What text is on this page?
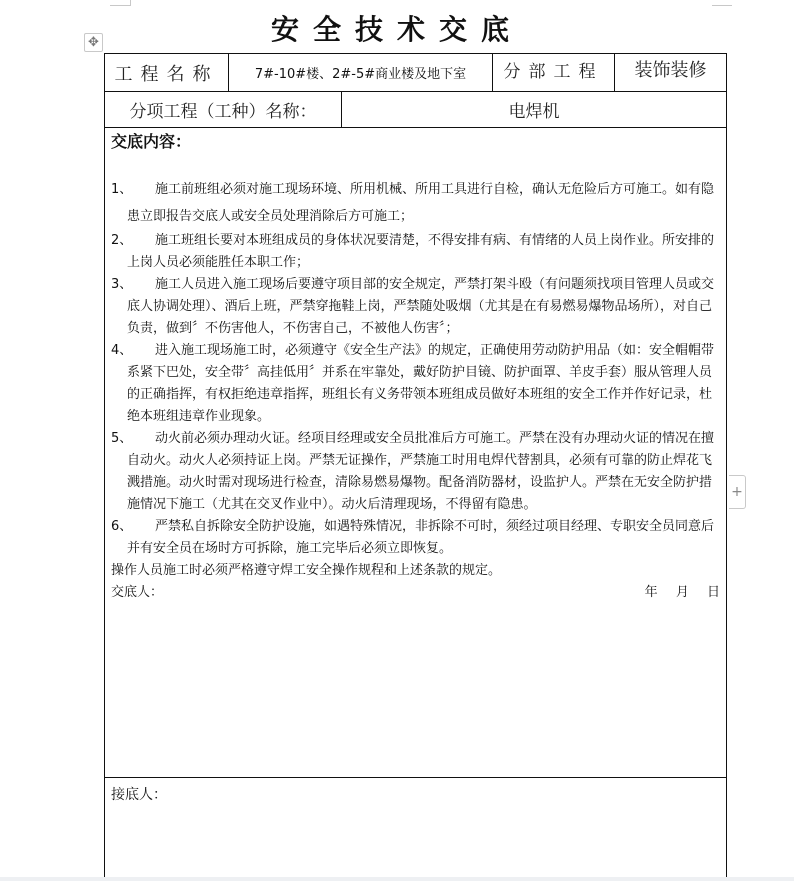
✥	安全技术交底
工程名称	7#-10#楼、2#-5#商业楼及地下室	分部工程	装饰装修
分项工程（工种）名称：	电焊机
交底内容：

1、 施工前班组必须对施工现场环境、所用机械、所用工具进行自检，确认无危险后方可施工。如有隐患立即报告交底人或安全员处理消除后方可施工；

2、 施工班组长要对本班组成员的身体状况要清楚，不得安排有病、有情绪的人员上岗作业。所安排的上岗人员必须能胜任本职工作；

3、 施工人员进入施工现场后要遵守项目部的安全规定，严禁打架斗殴（有问题须找项目管理人员或交底人协调处理）、酒后上班，严禁穿拖鞋上岗，严禁随处吸烟（尤其是在有易燃易爆物品场所），对自己负责，做到〞不伤害他人，不伤害自己，不被他人伤害〞；

4、 进入施工现场施工时，必须遵守《安全生产法》的规定，正确使用劳动防护用品（如：安全帽帽带系紧下巴处，安全带〞高挂低用〞并系在牢靠处，戴好防护目镜、防护面罩、羊皮手套）服从管理人员的正确指挥，有权拒绝违章指挥，班组长有义务带领本班组成员做好本班组的安全工作并作好记录，杜绝本班组违章作业现象。

5、 动火前必须办理动火证。经项目经理或安全员批准后方可施工。严禁在没有办理动火证的情况在擅自动火。动火人必须持证上岗。严禁无证操作，严禁施工时用电焊代替割具，必须有可靠的防止焊花飞溅措施。动火时需对现场进行检查，清除易燃易爆物。配备消防器材，设监护人。严禁在无安全防护措施情况下施工（尤其在交叉作业中）。动火后清理现场，不得留有隐患。

6、 严禁私自拆除安全防护设施，如遇特殊情况，非拆除不可时，须经过项目经理、专职安全员同意后并有安全员在场时方可拆除，施工完毕后必须立即恢复。

操作人员施工时必须严格遵守焊工安全操作规程和上述条款的规定。
交底人：	年 月 日
接底人：
+
